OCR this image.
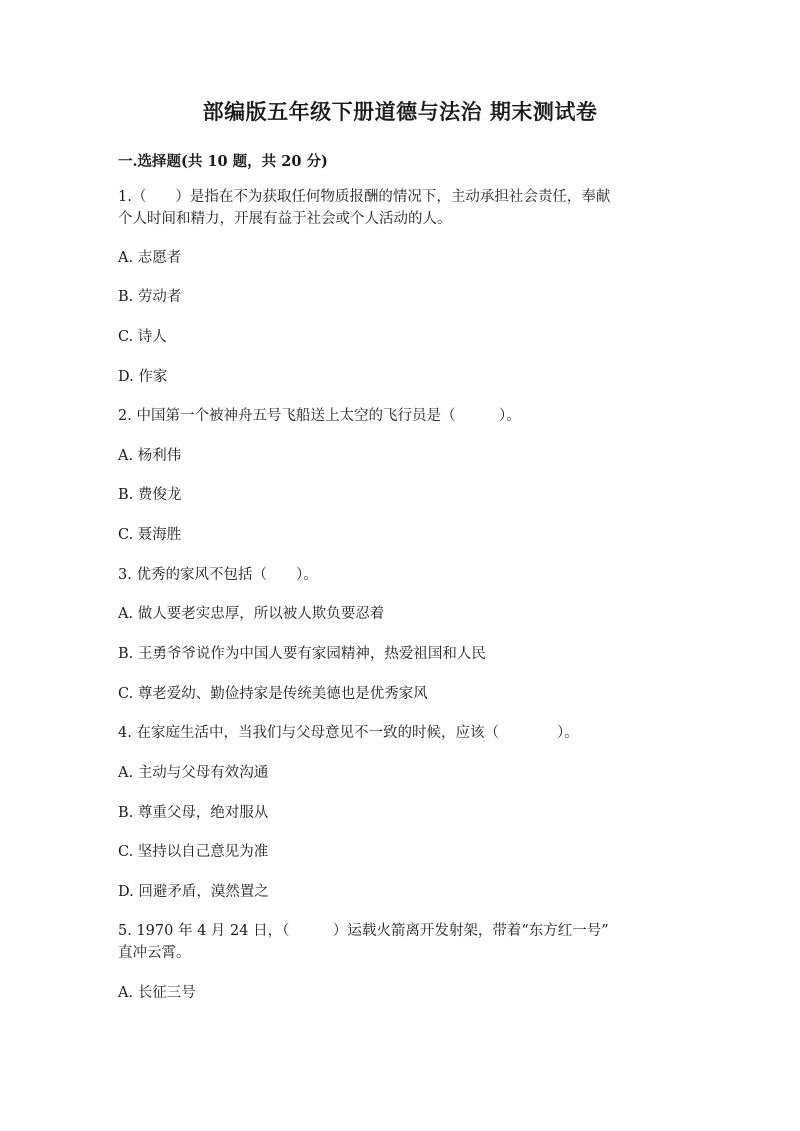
部编版五年级下册道德与法治 期末测试卷
一.选择题(共 10 题，共 20 分)
1.（　　）是指在不为获取任何物质报酬的情况下，主动承担社会责任，奉献
个人时间和精力，开展有益于社会或个人活动的人。
A. 志愿者
B. 劳动者
C. 诗人
D. 作家
2. 中国第一个被神舟五号飞船送上太空的飞行员是（　　　）。
A. 杨利伟
B. 费俊龙
C. 聂海胜
3. 优秀的家风不包括（　　）。
A. 做人要老实忠厚，所以被人欺负要忍着
B. 王勇爷爷说作为中国人要有家园精神，热爱祖国和人民
C. 尊老爱幼、勤俭持家是传统美德也是优秀家风
4. 在家庭生活中，当我们与父母意见不一致的时候，应该（　　　　）。
A. 主动与父母有效沟通
B. 尊重父母，绝对服从
C. 坚持以自己意见为准
D. 回避矛盾，漠然置之
5. 1970 年 4 月 24 日，（　　　）运载火箭离开发射架，带着“东方红一号”
直冲云霄。
A. 长征三号
